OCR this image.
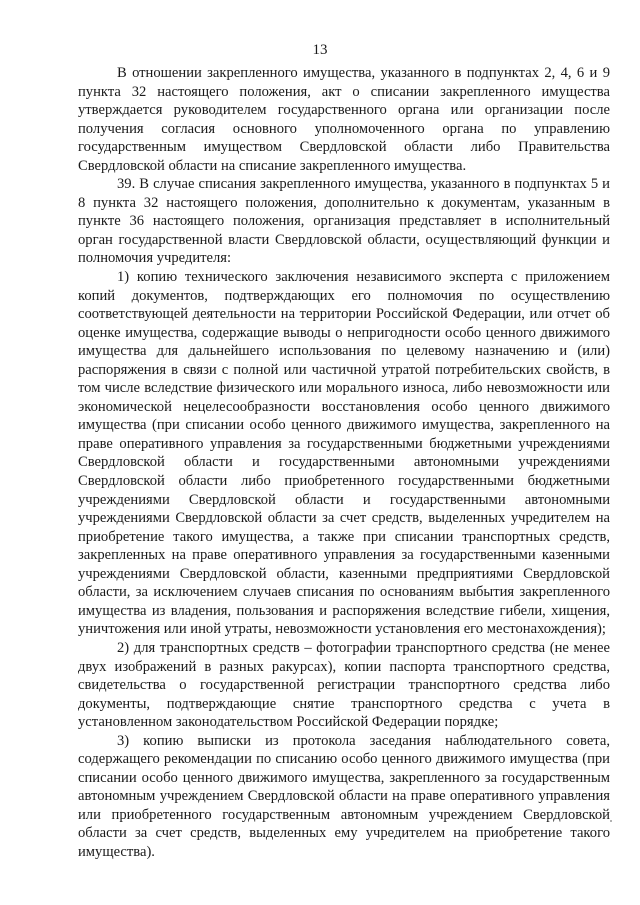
13

В отношении закрепленного имущества, указанного в подпунктах 2, 4, 6 и 9 пункта 32 настоящего положения, акт о списании закрепленного имущества утверждается руководителем государственного органа или организации после получения согласия основного уполномоченного органа по управлению государственным имуществом Свердловской области либо Правительства Свердловской области на списание закрепленного имущества.

39. В случае списания закрепленного имущества, указанного в подпунктах 5 и 8 пункта 32 настоящего положения, дополнительно к документам, указанным в пункте 36 настоящего положения, организация представляет в исполнительный орган государственной власти Свердловской области, осуществляющий функции и полномочия учредителя:

1) копию технического заключения независимого эксперта с приложением копий документов, подтверждающих его полномочия по осуществлению соответствующей деятельности на территории Российской Федерации, или отчет об оценке имущества, содержащие выводы о непригодности особо ценного движимого имущества для дальнейшего использования по целевому назначению и (или) распоряжения в связи с полной или частичной утратой потребительских свойств, в том числе вследствие физического или морального износа, либо невозможности или экономической нецелесообразности восстановления особо ценного движимого имущества (при списании особо ценного движимого имущества, закрепленного на праве оперативного управления за государственными бюджетными учреждениями Свердловской области и государственными автономными учреждениями Свердловской области либо приобретенного государственными бюджетными учреждениями Свердловской области и государственными автономными учреждениями Свердловской области за счет средств, выделенных учредителем на приобретение такого имущества, а также при списании транспортных средств, закрепленных на праве оперативного управления за государственными казенными учреждениями Свердловской области, казенными предприятиями Свердловской области, за исключением случаев списания по основаниям выбытия закрепленного имущества из владения, пользования и распоряжения вследствие гибели, хищения, уничтожения или иной утраты, невозможности установления его местонахождения);

2) для транспортных средств – фотографии транспортного средства (не менее двух изображений в разных ракурсах), копии паспорта транспортного средства, свидетельства о государственной регистрации транспортного средства либо документы, подтверждающие снятие транспортного средства с учета в установленном законодательством Российской Федерации порядке;

3) копию выписки из протокола заседания наблюдательного совета, содержащего рекомендации по списанию особо ценного движимого имущества (при списании особо ценного движимого имущества, закрепленного за государственным автономным учреждением Свердловской области на праве оперативного управления или приобретенного государственным автономным учреждением Свердловской области за счет средств, выделенных ему учредителем на приобретение такого имущества).
